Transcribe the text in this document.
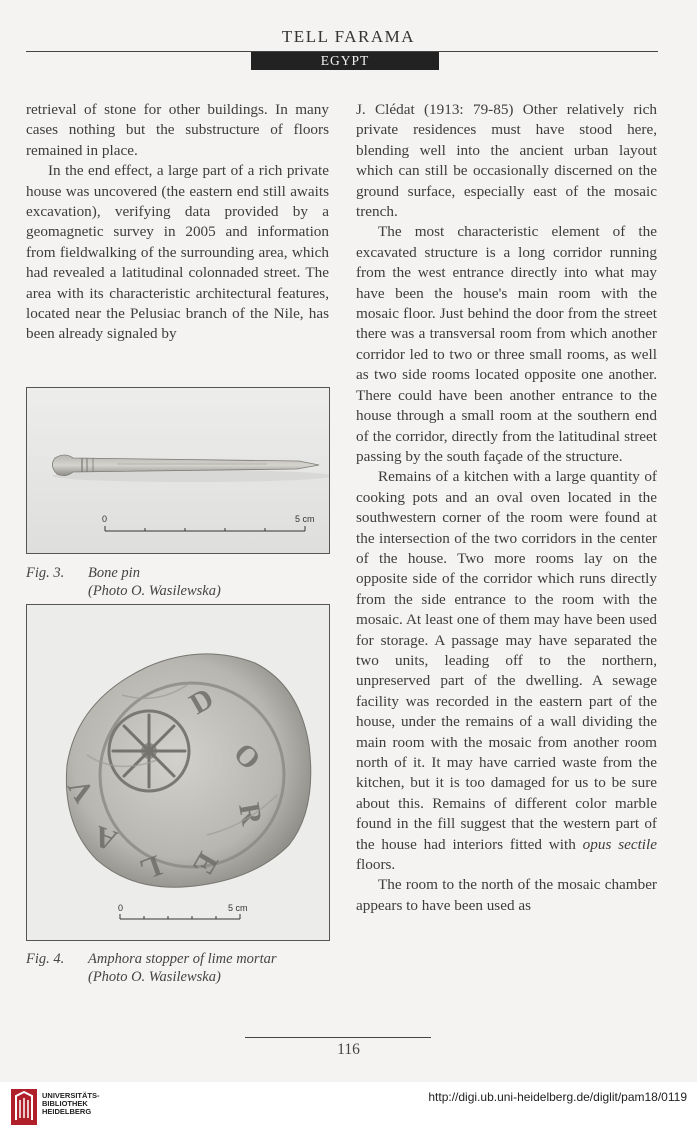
TELL FARAMA
EGYPT

retrieval of stone for other buildings. In many cases nothing but the substructure of floors remained in place.

In the end effect, a large part of a rich private house was uncovered (the eastern end still awaits excavation), verifying data provided by a geomagnetic survey in 2005 and information from fieldwalking of the surrounding area, which had revealed a latitudinal colonnaded street. The area with its characteristic architectural features, located near the Pelusiac branch of the Nile, has been already signaled by

0	5 cm
Fig. 3. Bone pin
(Photo O. Wasilewska)
D
O
R
E
L
A
V
0	5 cm
Fig. 4. Amphora stopper of lime mortar
(Photo O. Wasilewska)

J. Clédat (1913: 79-85) Other relatively rich private residences must have stood here, blending well into the ancient urban layout which can still be occasionally discerned on the ground surface, especially east of the mosaic trench.

The most characteristic element of the excavated structure is a long corridor running from the west entrance directly into what may have been the house's main room with the mosaic floor. Just behind the door from the street there was a transversal room from which another corridor led to two or three small rooms, as well as two side rooms located opposite one another. There could have been another entrance to the house through a small room at the southern end of the corridor, directly from the latitudinal street passing by the south façade of the structure.

Remains of a kitchen with a large quantity of cooking pots and an oval oven located in the southwestern corner of the room were found at the intersection of the two corridors in the center of the house. Two more rooms lay on the opposite side of the corridor which runs directly from the side entrance to the room with the mosaic. At least one of them may have been used for storage. A passage may have separated the two units, leading off to the northern, unpreserved part of the dwelling. A sewage facility was recorded in the eastern part of the house, under the remains of a wall dividing the main room with the mosaic from another room north of it. It may have carried waste from the kitchen, but it is too damaged for us to be sure about this. Remains of different color marble found in the fill suggest that the western part of the house had interiors fitted with opus sectile floors.

The room to the north of the mosaic chamber appears to have been used as

116
UNIVERSITÄTS-
BIBLIOTHEK
HEIDELBERG
http://digi.ub.uni-heidelberg.de/diglit/pam18/0119
